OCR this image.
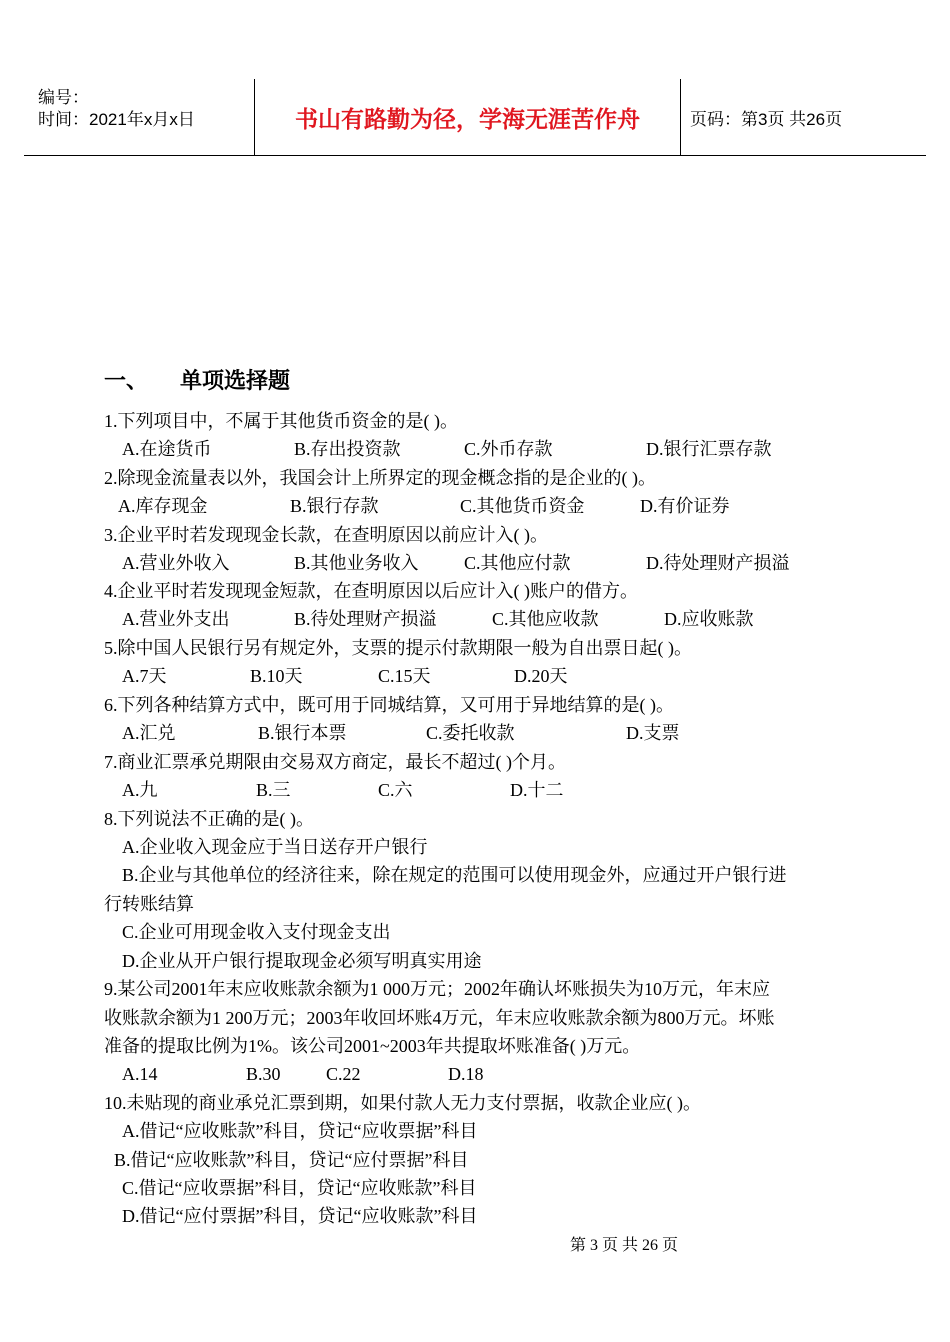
编号：
时间：2021年x月x日	书山有路勤为径，学海无涯苦作舟	页码：第3页 共26页
一、 单项选择题
1.下列项目中，不属于其他货币资金的是( )。
A.在途货币	B.存出投资款	C.外币存款	D.银行汇票存款
2.除现金流量表以外，我国会计上所界定的现金概念指的是企业的( )。
A.库存现金	B.银行存款	C.其他货币资金	D.有价证券
3.企业平时若发现现金长款，在查明原因以前应计入( )。
A.营业外收入	B.其他业务收入	C.其他应付款	D.待处理财产损溢
4.企业平时若发现现金短款，在查明原因以后应计入( )账户的借方。
A.营业外支出	B.待处理财产损溢	C.其他应收款	D.应收账款
5.除中国人民银行另有规定外，支票的提示付款期限一般为自出票日起( )。
A.7天	B.10天	C.15天	D.20天
6.下列各种结算方式中，既可用于同城结算，又可用于异地结算的是( )。
A.汇兑	B.银行本票	C.委托收款	D.支票
7.商业汇票承兑期限由交易双方商定，最长不超过( )个月。
A.九	B.三	C.六	D.十二
8.下列说法不正确的是( )。
A.企业收入现金应于当日送存开户银行
B.企业与其他单位的经济往来，除在规定的范围可以使用现金外，应通过开户银行进
行转账结算
C.企业可用现金收入支付现金支出
D.企业从开户银行提取现金必须写明真实用途
9.某公司2001年末应收账款余额为1 000万元；2002年确认坏账损失为10万元，年末应
收账款余额为1 200万元；2003年收回坏账4万元，年末应收账款余额为800万元。坏账
准备的提取比例为1%。该公司2001~2003年共提取坏账准备( )万元。
A.14	B.30	C.22	D.18
10.未贴现的商业承兑汇票到期，如果付款人无力支付票据，收款企业应( )。
A.借记“应收账款”科目，贷记“应收票据”科目
B.借记“应收账款”科目，贷记“应付票据”科目
C.借记“应收票据”科目，贷记“应收账款”科目
D.借记“应付票据”科目，贷记“应收账款”科目
第 3 页 共 26 页
